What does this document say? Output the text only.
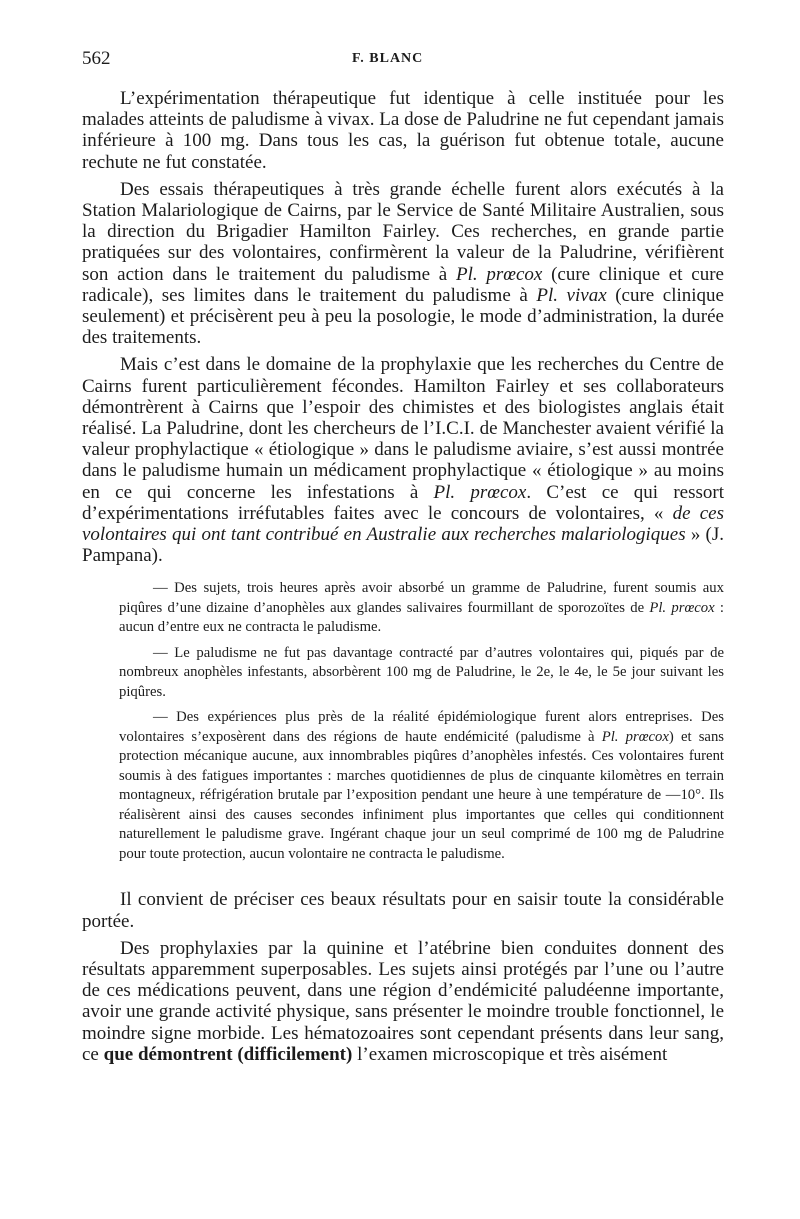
562	F. BLANC

L’expérimentation thérapeutique fut identique à celle instituée pour les malades atteints de paludisme à vivax. La dose de Paludrine ne fut cependant jamais inférieure à 100 mg. Dans tous les cas, la guérison fut obtenue totale, aucune rechute ne fut constatée.

Des essais thérapeutiques à très grande échelle furent alors exécutés à la Station Malariologique de Cairns, par le Service de Santé Militaire Australien, sous la direction du Brigadier Hamilton Fairley. Ces recherches, en grande partie pratiquées sur des volontaires, confirmèrent la valeur de la Paludrine, vérifièrent son action dans le traitement du paludisme à Pl. prœcox (cure clinique et cure radicale), ses limites dans le traitement du paludisme à Pl. vivax (cure clinique seulement) et précisèrent peu à peu la posologie, le mode d’administration, la durée des traitements.

Mais c’est dans le domaine de la prophylaxie que les recherches du Centre de Cairns furent particulièrement fécondes. Hamilton Fairley et ses collaborateurs démontrèrent à Cairns que l’espoir des chimistes et des biologistes anglais était réalisé. La Paludrine, dont les chercheurs de l’I.C.I. de Manchester avaient vérifié la valeur prophylactique « étiologique » dans le paludisme aviaire, s’est aussi montrée dans le paludisme humain un médicament prophylactique « étiologique » au moins en ce qui concerne les infestations à Pl. prœcox. C’est ce qui ressort d’expérimentations irréfutables faites avec le concours de volontaires, « de ces volontaires qui ont tant contribué en Australie aux recherches malariologiques » (J. Pampana).

— Des sujets, trois heures après avoir absorbé un gramme de Paludrine, furent soumis aux piqûres d’une dizaine d’anophèles aux glandes salivaires fourmillant de sporozoïtes de Pl. prœcox : aucun d’entre eux ne contracta le paludisme.

— Le paludisme ne fut pas davantage contracté par d’autres volontaires qui, piqués par de nombreux anophèles infestants, absorbèrent 100 mg de Paludrine, le 2e, le 4e, le 5e jour suivant les piqûres.

— Des expériences plus près de la réalité épidémiologique furent alors entreprises. Des volontaires s’exposèrent dans des régions de haute endémicité (paludisme à Pl. prœcox) et sans protection mécanique aucune, aux innombrables piqûres d’anophèles infestés. Ces volontaires furent soumis à des fatigues importantes : marches quotidiennes de plus de cinquante kilomètres en terrain montagneux, réfrigération brutale par l’exposition pendant une heure à une température de —10°. Ils réalisèrent ainsi des causes secondes infiniment plus importantes que celles qui conditionnent naturellement le paludisme grave. Ingérant chaque jour un seul comprimé de 100 mg de Paludrine pour toute protection, aucun volontaire ne contracta le paludisme.

Il convient de préciser ces beaux résultats pour en saisir toute la considérable portée.

Des prophylaxies par la quinine et l’atébrine bien conduites donnent des résultats apparemment superposables. Les sujets ainsi protégés par l’une ou l’autre de ces médications peuvent, dans une région d’endémicité paludéenne importante, avoir une grande activité physique, sans présenter le moindre trouble fonctionnel, le moindre signe morbide. Les hématozoaires sont cependant présents dans leur sang, ce que démontrent (difficilement) l’examen microscopique et très aisément
